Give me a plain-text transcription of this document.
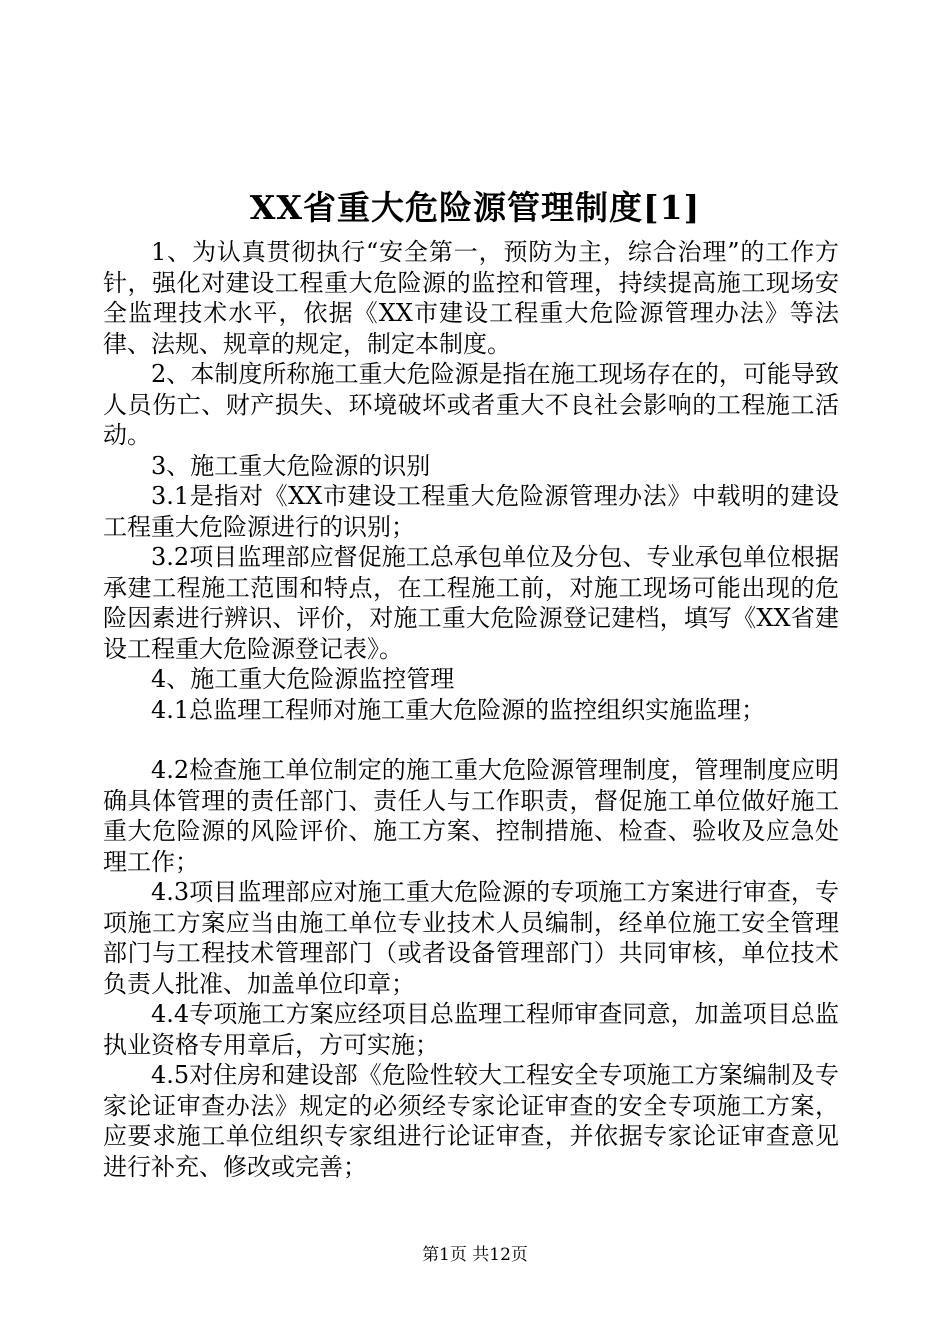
XX省重大危险源管理制度[1]

1、为认真贯彻执行“安全第一，预防为主，综合治理”的工作方针，强化对建设工程重大危险源的监控和管理，持续提高施工现场安全监理技术水平，依据《XX市建设工程重大危险源管理办法》等法律、法规、规章的规定，制定本制度。

2、本制度所称施工重大危险源是指在施工现场存在的，可能导致人员伤亡、财产损失、环境破坏或者重大不良社会影响的工程施工活动。

3、施工重大危险源的识别

3.1是指对《XX市建设工程重大危险源管理办法》中载明的建设工程重大危险源进行的识别；

3.2项目监理部应督促施工总承包单位及分包、专业承包单位根据承建工程施工范围和特点，在工程施工前，对施工现场可能出现的危险因素进行辨识、评价，对施工重大危险源登记建档，填写《XX省建设工程重大危险源登记表》。

4、施工重大危险源监控管理

4.1总监理工程师对施工重大危险源的监控组织实施监理；

4.2检查施工单位制定的施工重大危险源管理制度，管理制度应明确具体管理的责任部门、责任人与工作职责，督促施工单位做好施工重大危险源的风险评价、施工方案、控制措施、检查、验收及应急处理工作；

4.3项目监理部应对施工重大危险源的专项施工方案进行审查，专项施工方案应当由施工单位专业技术人员编制，经单位施工安全管理部门与工程技术管理部门（或者设备管理部门）共同审核，单位技术负责人批准、加盖单位印章；

4.4专项施工方案应经项目总监理工程师审查同意，加盖项目总监执业资格专用章后，方可实施；

4.5对住房和建设部《危险性较大工程安全专项施工方案编制及专家论证审查办法》规定的必须经专家论证审查的安全专项施工方案，应要求施工单位组织专家组进行论证审查，并依据专家论证审查意见进行补充、修改或完善；

第1页 共12页
